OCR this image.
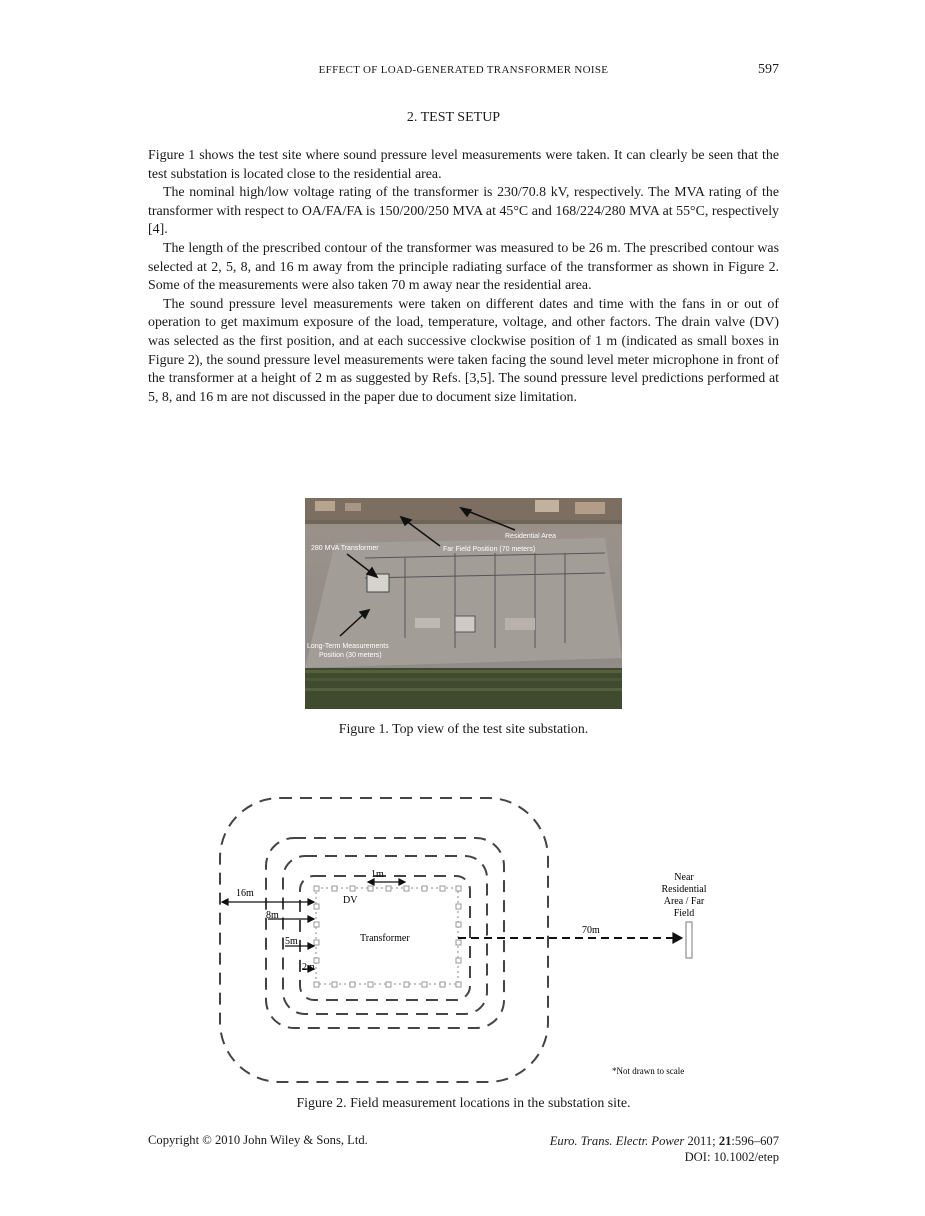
EFFECT OF LOAD-GENERATED TRANSFORMER NOISE	597
2. TEST SETUP

Figure 1 shows the test site where sound pressure level measurements were taken. It can clearly be seen that the test substation is located close to the residential area.

The nominal high/low voltage rating of the transformer is 230/70.8 kV, respectively. The MVA rating of the transformer with respect to OA/FA/FA is 150/200/250 MVA at 45°C and 168/224/280 MVA at 55°C, respectively [4].

The length of the prescribed contour of the transformer was measured to be 26 m. The prescribed contour was selected at 2, 5, 8, and 16 m away from the principle radiating surface of the transformer as shown in Figure 2. Some of the measurements were also taken 70 m away near the residential area.

The sound pressure level measurements were taken on different dates and time with the fans in or out of operation to get maximum exposure of the load, temperature, voltage, and other factors. The drain valve (DV) was selected as the first position, and at each successive clockwise position of 1 m (indicated as small boxes in Figure 2), the sound pressure level measurements were taken facing the sound level meter microphone in front of the transformer at a height of 2 m as suggested by Refs. [3,5]. The sound pressure level predictions performed at 5, 8, and 16 m are not discussed in the paper due to document size limitation.

Residential Area
Far Field Position (70 meters)
280 MVA Transformer
Long-Term Measurements
Position (30 meters)
Figure 1. Top view of the test site substation.
16m
8m
5m
2m
1m
DV
Transformer
70m
Near
Residential
Area / Far
Field
*Not drawn to scale
Figure 2. Field measurement locations in the substation site.
Copyright © 2010 John Wiley & Sons, Ltd.	Euro. Trans. Electr. Power 2011; 21:596–607
DOI: 10.1002/etep
